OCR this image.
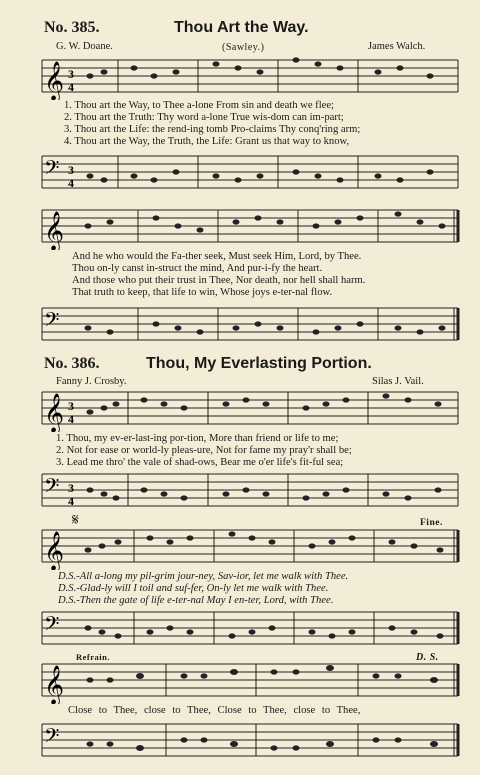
No. 385.	Thou Art the Way.
G. W. Doane.	(Sawley.)	James Walch.
𝄞 3
4
1. Thou art the Way, to Thee a-lone From sin and death we flee;
2. Thou art the Truth: Thy word a-lone True wis-dom can im-part;
3. Thou art the Life: the rend-ing tomb Pro-claims Thy conq'ring arm;
4. Thou art the Way, the Truth, the Life: Grant us that way to know,
𝄢 3
4
𝄞
And he who would the Fa-ther seek, Must seek Him, Lord, by Thee.
Thou on-ly canst in-struct the mind, And pur-i-fy the heart.
And those who put their trust in Thee, Nor death, nor hell shall harm.
That truth to keep, that life to win, Whose joys e-ter-nal flow.
𝄢
No. 386.	Thou, My Everlasting Portion.
Fanny J. Crosby.	Silas J. Vail.
𝄞 3
4
1. Thou, my ev-er-last-ing por-tion, More than friend or life to me;
2. Not for ease or world-ly pleas-ure, Not for fame my pray'r shall be;
3. Lead me thro' the vale of shad-ows, Bear me o'er life's fit-ful sea;
𝄢 3
4
𝄋	Fine.
𝄞
D.S.-All a-long my pil-grim jour-ney, Sav-ior, let me walk with Thee.
D.S.-Glad-ly will I toil and suf-fer, On-ly let me walk with Thee.
D.S.-Then the gate of life e-ter-nal May I en-ter, Lord, with Thee.
𝄢
Refrain.	D. S.
𝄞
Close to Thee, close to Thee, Close to Thee, close to Thee,
𝄢
